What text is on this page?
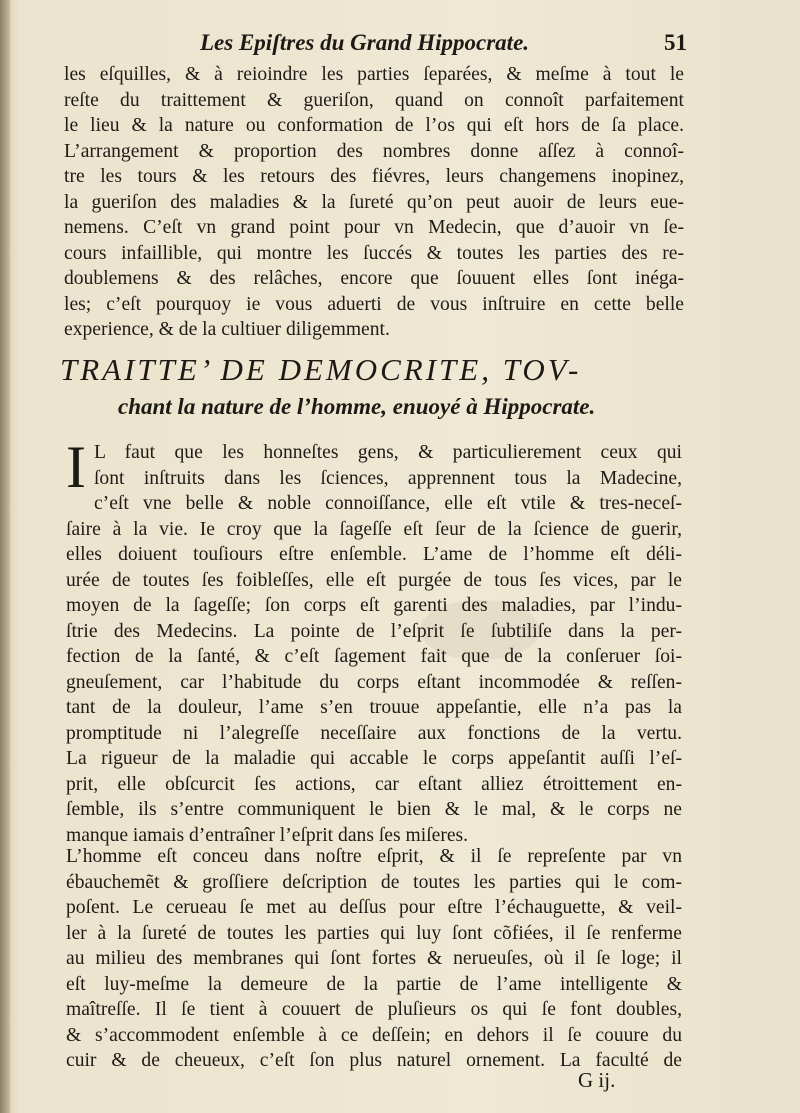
Les Epiſtres du Grand Hippocrate.	51
les eſquilles, & à reioindre les parties ſeparées, & meſme à tout le
reſte du traittement & gueriſon, quand on connoît parfaitement
le lieu & la nature ou conformation de l’os qui eſt hors de ſa place.
L’arrangement & proportion des nombres donne aſſez à connoî-
tre les tours & les retours des fiévres, leurs changemens inopinez,
la gueriſon des maladies & la ſureté qu’on peut auoir de leurs eue-
nemens. C’eſt vn grand point pour vn Medecin, que d’auoir vn ſe-
cours infaillible, qui montre les ſuccés & toutes les parties des re-
doublemens & des relâches, encore que ſouuent elles ſont inéga-
les; c’eſt pourquoy ie vous aduerti de vous inſtruire en cette belle
experience, & de la cultiuer diligemment.
TRAITTE’ DE DEMOCRITE, TOV-
chant la nature de l’homme, enuoyé à Hippocrate.
I L faut que les honneſtes gens, & particulierement ceux qui
ſont inſtruits dans les ſciences, apprennent tous la Madecine,
c’eſt vne belle & noble connoiſſance, elle eſt vtile & tres-neceſ-
ſaire à la vie. Ie croy que la ſageſſe eſt ſeur de la ſcience de guerir,
elles doiuent touſiours eſtre enſemble. L’ame de l’homme eſt déli-
urée de toutes ſes foibleſſes, elle eſt purgée de tous ſes vices, par le
moyen de la ſageſſe; ſon corps eſt garenti des maladies, par l’indu-
ſtrie des Medecins. La pointe de l’eſprit ſe ſubtiliſe dans la per-
fection de la ſanté, & c’eſt ſagement fait que de la conſeruer ſoi-
gneuſement, car l’habitude du corps eſtant incommodée & reſſen-
tant de la douleur, l’ame s’en trouue appeſantie, elle n’a pas la
promptitude ni l’alegreſſe neceſſaire aux fonctions de la vertu.
La rigueur de la maladie qui accable le corps appeſantit auſſi l’eſ-
prit, elle obſcurcit ſes actions, car eſtant alliez étroittement en-
ſemble, ils s’entre communiquent le bien & le mal, & le corps ne
manque iamais d’entraîner l’eſprit dans ſes miſeres.
L’homme eſt conceu dans noſtre eſprit, & il ſe repreſente par vn
ébauchemẽt & groſſiere deſcription de toutes les parties qui le com-
poſent. Le cerueau ſe met au deſſus pour eſtre l’échauguette, & veil-
ler à la ſureté de toutes les parties qui luy ſont cõfiées, il ſe renferme
au milieu des membranes qui ſont fortes & nerueuſes, où il ſe loge; il
eſt luy-meſme la demeure de la partie de l’ame intelligente &
maîtreſſe. Il ſe tient à couuert de pluſieurs os qui ſe font doubles,
& s’accommodent enſemble à ce deſſein; en dehors il ſe couure du
cuir & de cheueux, c’eſt ſon plus naturel ornement. La faculté de
G ij.
